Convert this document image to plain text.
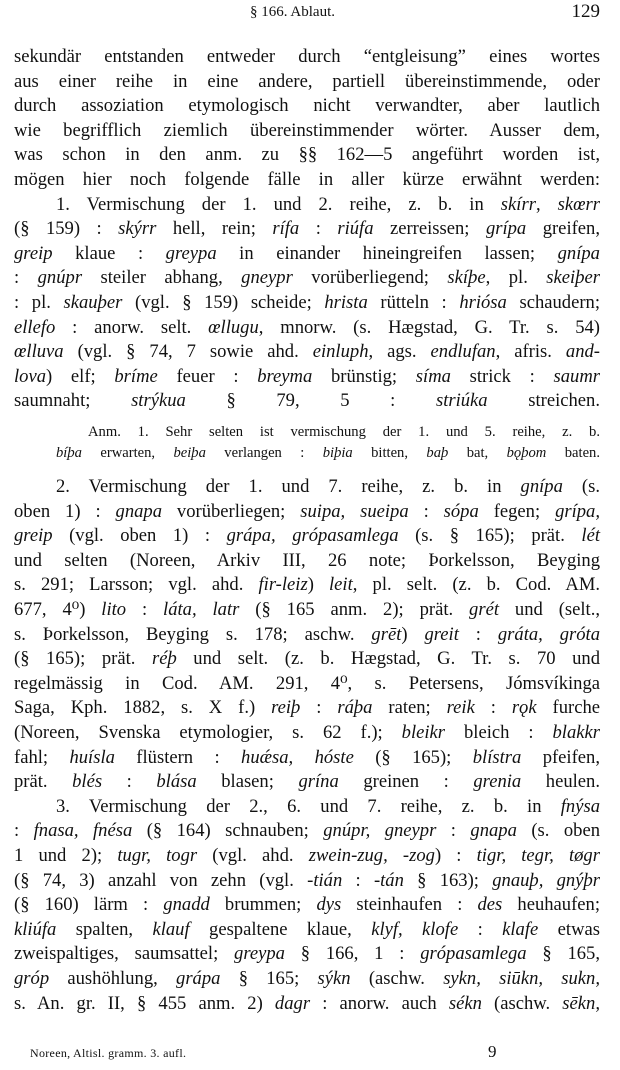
§ 166. Ablaut.	129
sekundär entstanden entweder durch “entgleisung” eines wortes
aus einer reihe in eine andere, partiell übereinstimmende, oder
durch assoziation etymologisch nicht verwandter, aber lautlich
wie begrifflich ziemlich übereinstimmender wörter. Ausser dem,
was schon in den anm. zu §§ 162—5 angeführt worden ist,
mögen hier noch folgende fälle in aller kürze erwähnt werden:
1. Vermischung der 1. und 2. reihe, z. b. in skírr, skœrr
(§ 159) : skýrr hell, rein; rífa : riúfa zerreissen; grípa greifen,
greip klaue : greypa in einander hineingreifen lassen; gnípa
: gnúpr steiler abhang, gneypr vorüberliegend; skíþe, pl. skeiþer
: pl. skauþer (vgl. § 159) scheide; hrista rütteln : hriósa schaudern;
ellefo : anorw. selt. œllugu, mnorw. (s. Hægstad, G. Tr. s. 54)
œlluva (vgl. § 74, 7 sowie ahd. einluph, ags. endlufan, afris. and-
lova) elf; bríme feuer : breyma brünstig; síma strick : saumr
saumnaht; strýkua § 79, 5 : striúka streichen.
Anm. 1. Sehr selten ist vermischung der 1. und 5. reihe, z. b.
bíþa erwarten, beiþa verlangen : biþia bitten, baþ bat, bǫþom baten.
2. Vermischung der 1. und 7. reihe, z. b. in gnípa (s.
oben 1) : gnapa vorüberliegen; suipa, sueipa : sópa fegen; grípa,
greip (vgl. oben 1) : grápa, grópasamlega (s. § 165); prät. lét
und selten (Noreen, Arkiv III, 26 note; Þorkelsson, Beyging
s. 291; Larsson; vgl. ahd. fir-leiz) leit, pl. selt. (z. b. Cod. AM.
677, 4⁰) lito : láta, latr (§ 165 anm. 2); prät. grét und (selt.,
s. Þorkelsson, Beyging s. 178; aschw. grēt) greit : gráta, gróta
(§ 165); prät. réþ und selt. (z. b. Hægstad, G. Tr. s. 70 und
regelmässig in Cod. AM. 291, 4⁰, s. Petersens, Jómsvíkinga
Saga, Kph. 1882, s. X f.) reiþ : ráþa raten; reik : rǫk furche
(Noreen, Svenska etymologier, s. 62 f.); bleikr bleich : blakkr
fahl; huísla flüstern : huǽsa, hóste (§ 165); blístra pfeifen,
prät. blés : blása blasen; grína greinen : grenia heulen.
3. Vermischung der 2., 6. und 7. reihe, z. b. in fnýsa
: fnasa, fnésa (§ 164) schnauben; gnúpr, gneypr : gnapa (s. oben
1 und 2); tugr, togr (vgl. ahd. zwein-zug, -zog) : tigr, tegr, tøgr
(§ 74, 3) anzahl von zehn (vgl. -tián : -tán § 163); gnauþ, gnýþr
(§ 160) lärm : gnadd brummen; dys steinhaufen : des heuhaufen;
kliúfa spalten, klauf gespaltene klaue, klyf, klofe : klafe etwas
zweispaltiges, saumsattel; greypa § 166, 1 : grópasamlega § 165,
gróp aushöhlung, grápa § 165; sýkn (aschw. sykn, siūkn, sukn,
s. An. gr. II, § 455 anm. 2) dagr : anorw. auch sékn (aschw. sēkn,
Noreen, Altisl. gramm. 3. aufl.	9
